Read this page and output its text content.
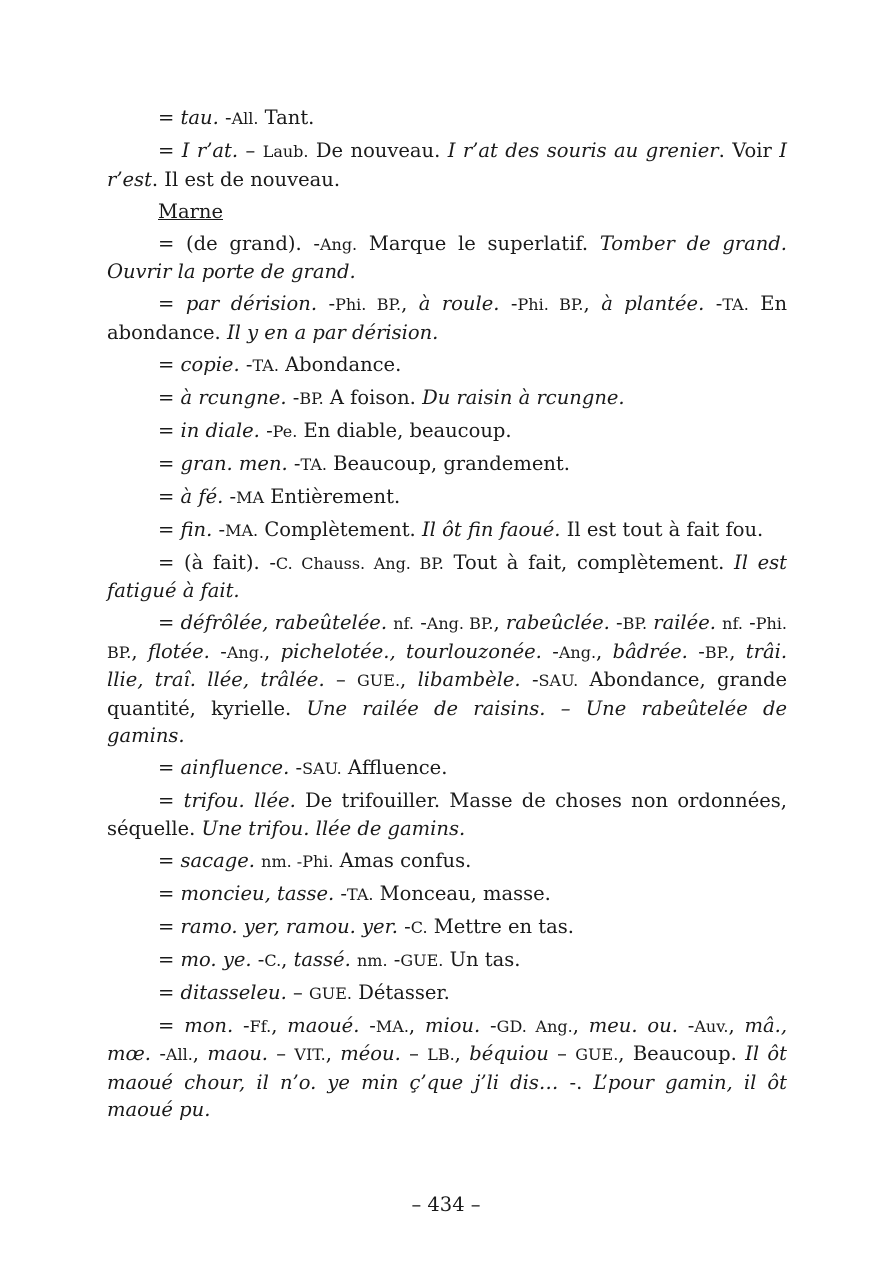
= tau. -All. Tant.

= I r’at. – Laub. De nouveau. I r’at des souris au grenier. Voir I r’est. Il est de nouveau.

Marne

= (de grand). -Ang. Marque le superlatif. Tomber de grand. Ouvrir la porte de grand.

= par dérision. -Phi. BP., à roule. -Phi. BP., à plantée. -TA. En abondance. Il y en a par dérision.

= copie. -TA. Abondance.

= à rcungne. -BP. A foison. Du raisin à rcungne.

= in diale. -Pe. En diable, beaucoup.

= gran. men. -TA. Beaucoup, grandement.

= à fé. -MA Entièrement.

= fin. -MA. Complètement. Il ôt fin faoué. Il est tout à fait fou.

= (à fait). -C. Chauss. Ang. BP. Tout à fait, complètement. Il est fatigué à fait.

= défrôlée, rabeûtelée. nf. -Ang. BP., rabeûclée. -BP. railée. nf. -Phi. BP., flotée. -Ang., pichelotée., tourlouzonée. -Ang., bâdrée. -BP., trâi. llie, traî. llée, trâlée. – GUE., libambèle. -SAU. Abondance, grande quantité, kyrielle. Une railée de raisins. – Une rabeûtelée de gamins.

= ainfluence. -SAU. Affluence.

= trifou. llée. De trifouiller. Masse de choses non ordonnées, séquelle. Une trifou. llée de gamins.

= sacage. nm. -Phi. Amas confus.

= moncieu, tasse. -TA. Monceau, masse.

= ramo. yer, ramou. yer. -C. Mettre en tas.

= mo. ye. -C., tassé. nm. -GUE. Un tas.

= ditasseleu. – GUE. Détasser.

= mon. -Ff., maoué. -MA., miou. -GD. Ang., meu. ou. -Auv., mâ., mœ. -All., maou. – VIT., méou. – LB., béquiou – GUE., Beaucoup. Il ôt maoué chour, il n’o. ye min ç’que j’li dis… -. L’pour gamin, il ôt maoué pu.

– 434 –
